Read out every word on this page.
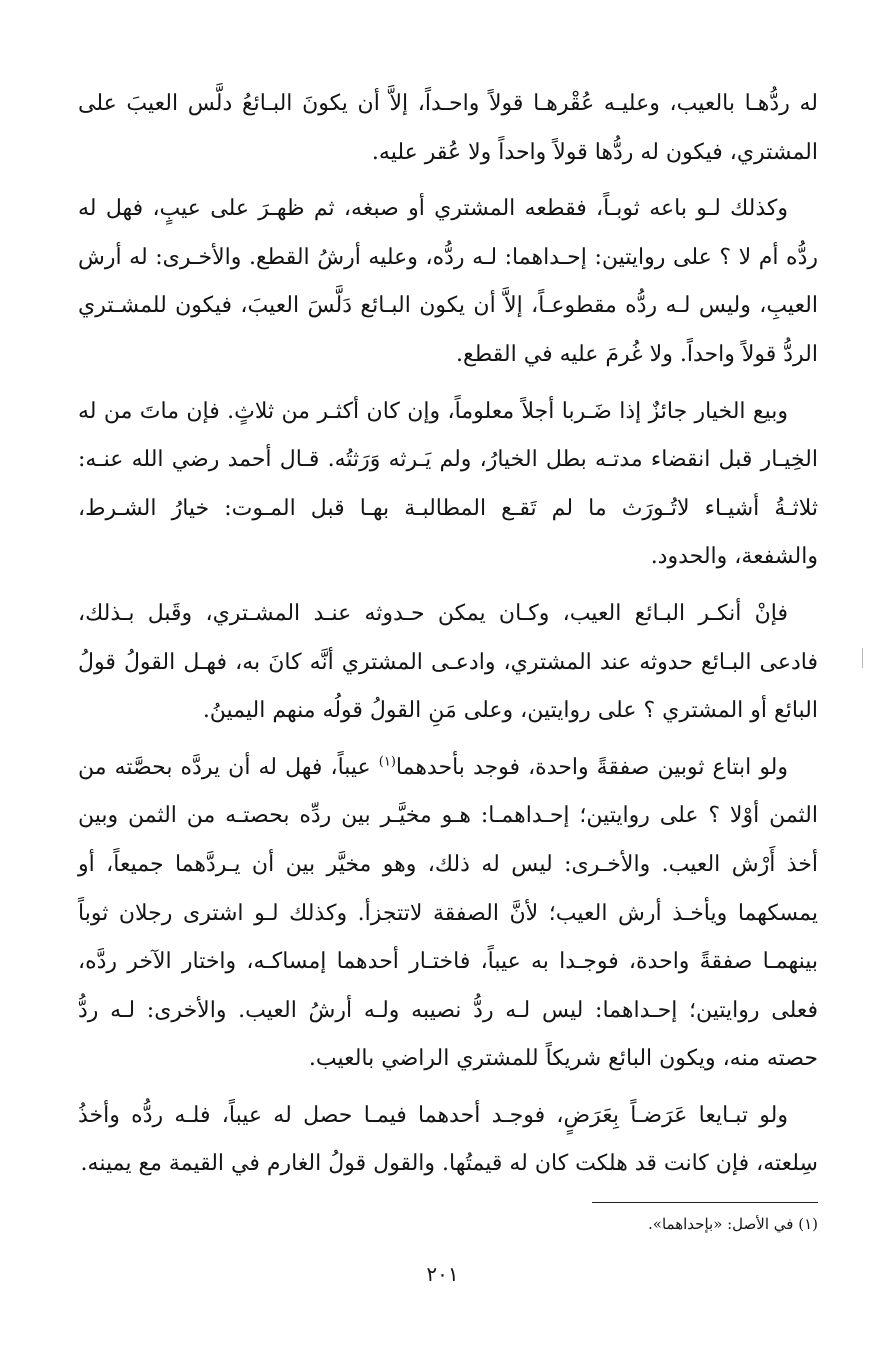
له ردُّهـا بالعيب، وعليـه عُقْرهـا قولاً واحـداً، إلاَّ أن يكونَ البـائعُ دلَّس العيبَ على المشتري، فيكون له ردُّها قولاً واحداً ولا عُقر عليه.

وكذلك لـو باعه ثوبـاً، فقطعه المشتري أو صبغه، ثم ظهـرَ على عيبٍ، فهل له ردُّه أم لا ؟ على روايتين: إحـداهما: لـه ردُّه، وعليه أرشُ القطع. والأخـرى: له أرش العيبِ، وليس لـه ردُّه مقطوعـاً، إلاَّ أن يكون البـائع دَلَّسَ العيبَ، فيكون للمشـتري الردُّ قولاً واحداً. ولا غُرمَ عليه في القطع.

وبيع الخيار جائزٌ إذا ضَـربا أجلاً معلوماً، وإن كان أكثـر من ثلاثٍ. فإن ماتَ من له الخِيـار قبل انقضاء مدتـه بطل الخيارُ، ولم يَـرثه وَرَثتُه. قـال أحمد رضي الله عنـه: ثلاثـةُ أشيـاء لاتُـورَث ما لم تَقـع المطالبـة بهـا قبل المـوت: خيارُ الشـرط، والشفعة، والحدود.

فإنْ أنكـر البـائع العيب، وكـان يمكن حـدوثه عنـد المشـتري، وقَبل بـذلك، فادعى البـائع حدوثه عند المشتري، وادعـى المشتري أنَّه كانَ به، فهـل القولُ قولُ البائع أو المشتري ؟ على روايتين، وعلى مَنِ القولُ قولُه منهم اليمينُ.

ولو ابتاع ثوبين صفقةً واحدة، فوجد بأحدهما$^{(١)}$ عيباً، فهل له أن يردَّه بحصَّته من الثمن أوْلا ؟ على روايتين؛ إحـداهمـا: هـو مخيَّـر بين ردِّه بحصتـه من الثمن وبين أخذ أَرْش العيب. والأخـرى: ليس له ذلك، وهو مخيَّر بين أن يـردَّهما جميعاً، أو يمسكهما ويأخـذ أرش العيب؛ لأنَّ الصفقة لاتتجزأ. وكذلك لـو اشترى رجلان ثوباً بينهمـا صفقةً واحدة، فوجـدا به عيباً، فاختـار أحدهما إمساكـه، واختار الآخر ردَّه، فعلى روايتين؛ إحـداهما: ليس لـه ردُّ نصيبه ولـه أرشُ العيب. والأخرى: لـه ردُّ حصته منه، ويكون البائع شريكاً للمشتري الراضي بالعيب.

ولو تبـايعا عَرَضـاً بِعَرَضٍ، فوجـد أحدهما فيمـا حصل له عيباً، فلـه ردُّه وأخذُ سِلعته، فإن كانت قد هلكت كان له قيمتُها. والقول قولُ الغارم في القيمة مع يمينه.

(١) في الأصل: «بإحداهما».
٢٠١
